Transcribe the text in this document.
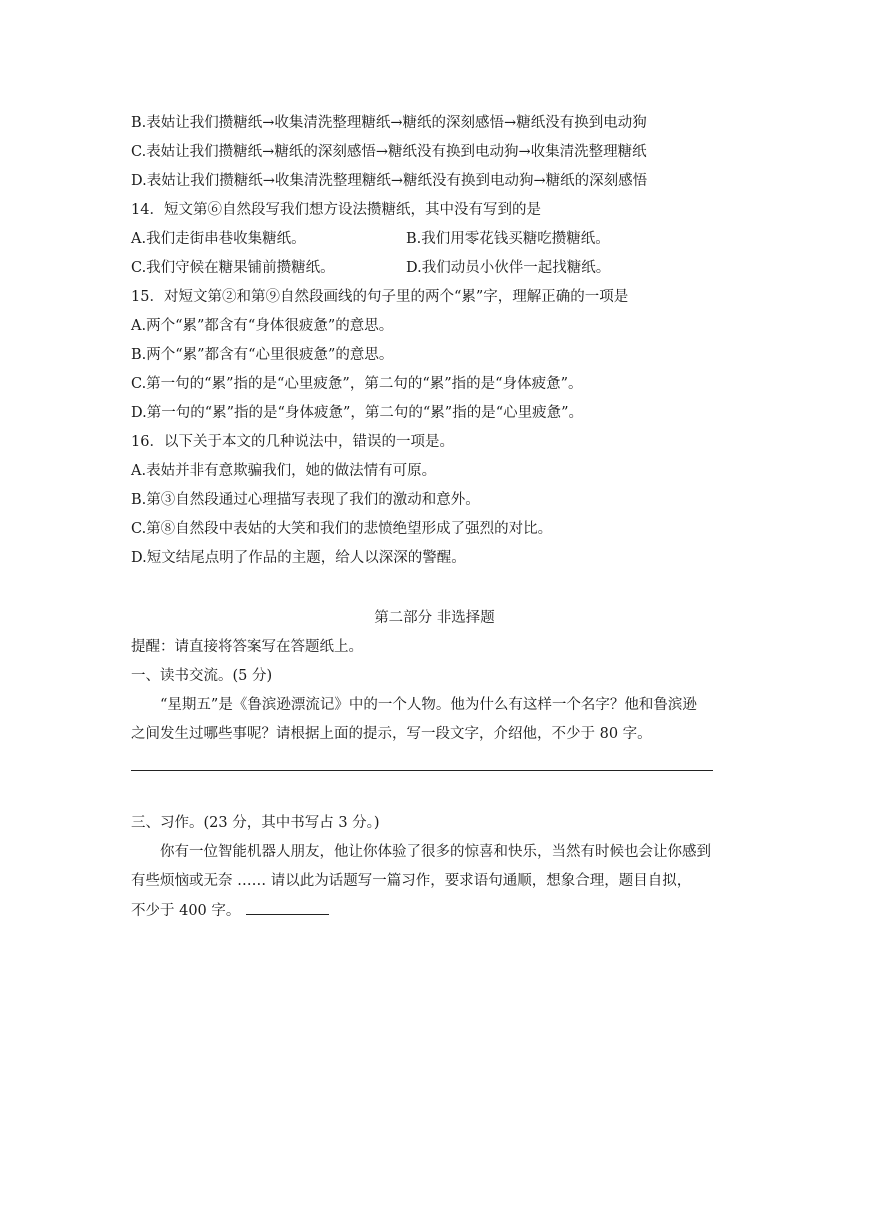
B.表姑让我们攒糖纸→收集清洗整理糖纸→糖纸的深刻感悟→糖纸没有换到电动狗
C.表姑让我们攒糖纸→糖纸的深刻感悟→糖纸没有换到电动狗→收集清洗整理糖纸
D.表姑让我们攒糖纸→收集清洗整理糖纸→糖纸没有换到电动狗→糖纸的深刻感悟
14．短文第⑥自然段写我们想方设法攒糖纸，其中没有写到的是
A.我们走街串巷收集糖纸。	B.我们用零花钱买糖吃攒糖纸。
C.我们守候在糖果铺前攒糖纸。	D.我们动员小伙伴一起找糖纸。
15．对短文第②和第⑨自然段画线的句子里的两个“累”字，理解正确的一项是
A.两个“累”都含有“身体很疲惫”的意思。
B.两个“累”都含有“心里很疲惫”的意思。
C.第一句的“累”指的是“心里疲惫”，第二句的“累”指的是“身体疲惫”。
D.第一句的“累”指的是“身体疲惫”，第二句的“累”指的是“心里疲惫”。
16．以下关于本文的几种说法中，错误的一项是。
A.表姑并非有意欺骗我们，她的做法情有可原。
B.第③自然段通过心理描写表现了我们的激动和意外。
C.第⑧自然段中表姑的大笑和我们的悲愤绝望形成了强烈的对比。
D.短文结尾点明了作品的主题，给人以深深的警醒。
第二部分 非选择题
提醒：请直接将答案写在答题纸上。
一、读书交流。(5 分)
“星期五”是《鲁滨逊漂流记》中的一个人物。他为什么有这样一个名字？他和鲁滨逊
之间发生过哪些事呢？请根据上面的提示，写一段文字，介绍他，不少于 80 字。
三、习作。(23 分，其中书写占 3 分。)
你有一位智能机器人朋友，他让你体验了很多的惊喜和快乐，当然有时候也会让你感到
有些烦恼或无奈 …… 请以此为话题写一篇习作，要求语句通顺，想象合理，题目自拟，
不少于 400 字。
